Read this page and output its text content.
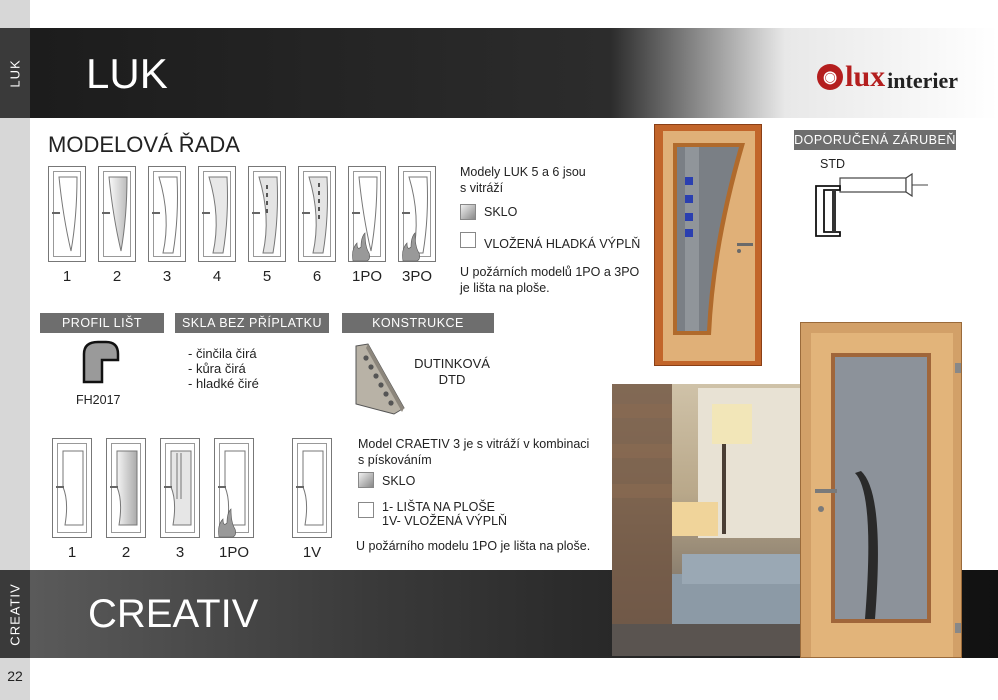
LUK
CREATIV
22
LUK	◉ lux interier
MODELOVÁ ŘADA
1	2	3	4	5	6 1PO 3PO
Modely LUK 5 a 6 jsou s vitráží
SKLO
VLOŽENÁ HLADKÁ VÝPLŇ
U požárních modelů 1PO a 3PO je lišta na ploše.
DOPORUČENÁ ZÁRUBEŇ
STD
PROFIL LIŠT	SKLA BEZ PŘÍPLATKU	KONSTRUKCE
FH2017
- činčila čirá
- kůra čirá
- hladké čiré
DUTINKOVÁ
DTD
1	2	3 1PO	1V
Model CRAETIV 3 je s vitráží v kombinaci s pískováním
SKLO
1- LIŠTA NA PLOŠE
1V- VLOŽENÁ VÝPLŇ
U požárního modelu 1PO je lišta na ploše.
CREATIV
